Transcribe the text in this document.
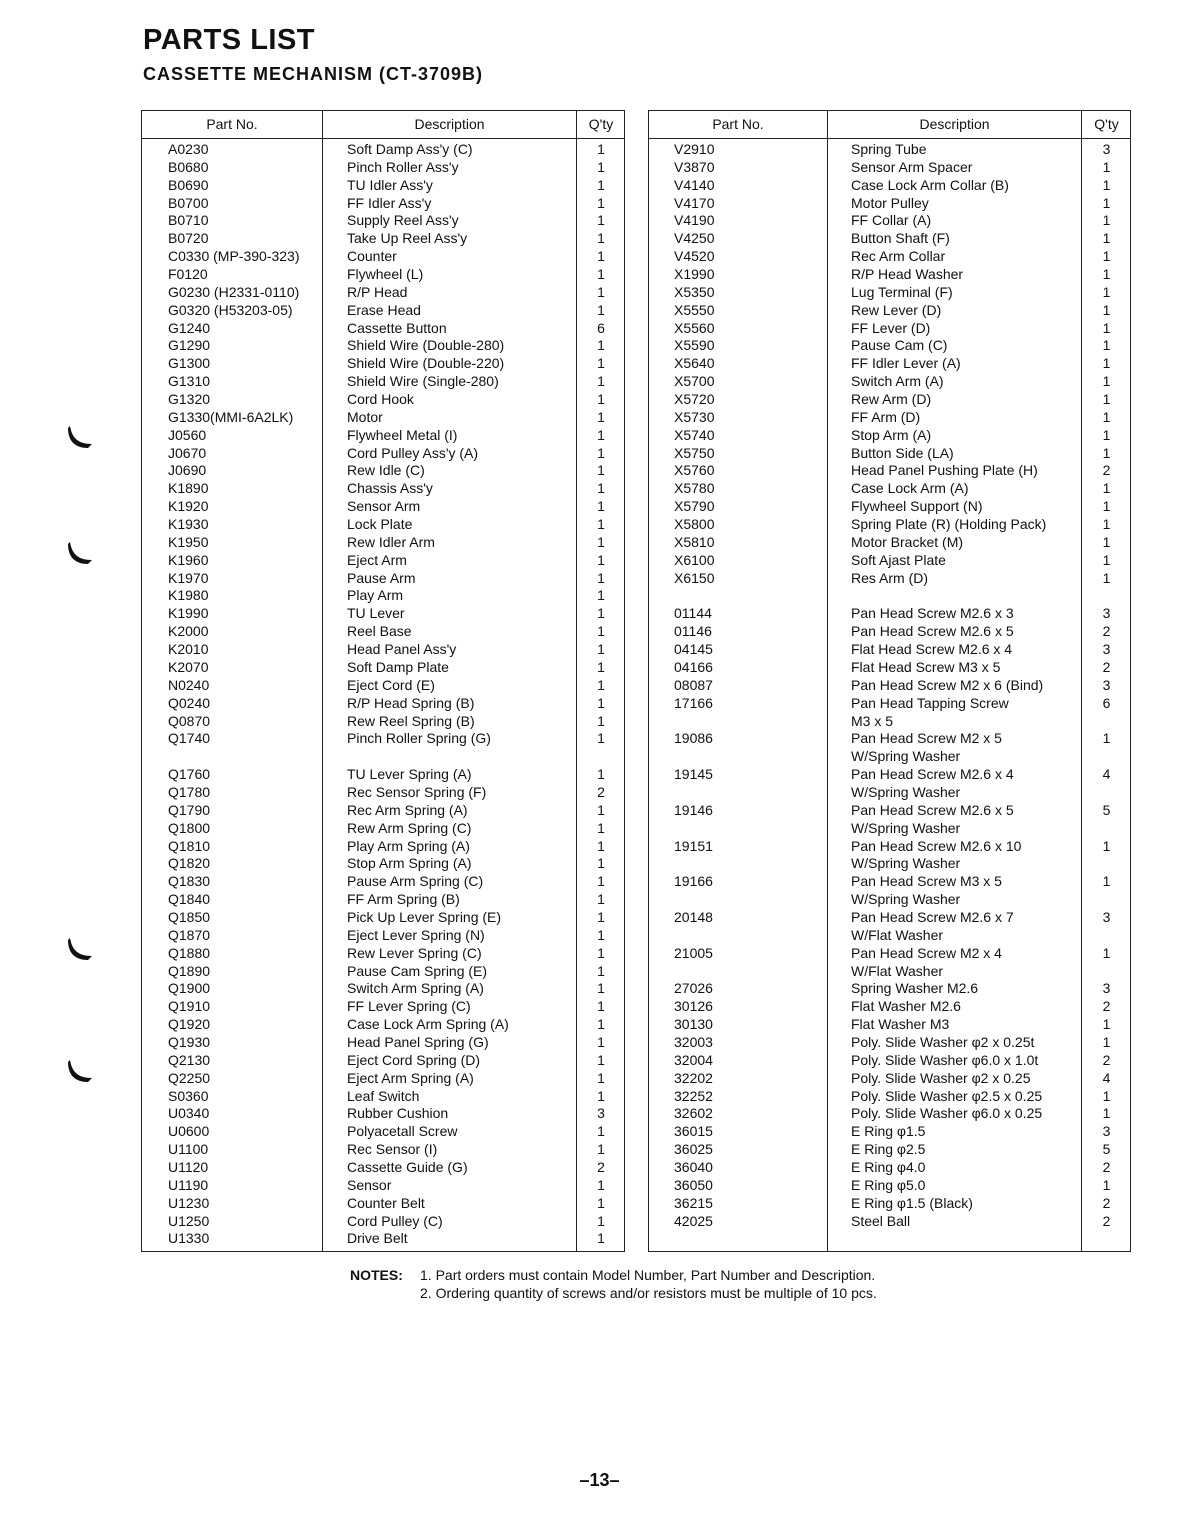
PARTS LIST
CASSETTE MECHANISM (CT-3709B)
Part No.	Description	Q'ty
A0230	Soft Damp Ass'y (C)	1
B0680	Pinch Roller Ass'y	1
B0690	TU Idler Ass'y	1
B0700	FF Idler Ass'y	1
B0710	Supply Reel Ass'y	1
B0720	Take Up Reel Ass'y	1
C0330 (MP-390-323)	Counter	1
F0120	Flywheel (L)	1
G0230 (H2331-0110)	R/P Head	1
G0320 (H53203-05)	Erase Head	1
G1240	Cassette Button	6
G1290	Shield Wire (Double-280)	1
G1300	Shield Wire (Double-220)	1
G1310	Shield Wire (Single-280)	1
G1320	Cord Hook	1
G1330(MMI-6A2LK)	Motor	1
J0560	Flywheel Metal (I)	1
J0670	Cord Pulley Ass'y (A)	1
J0690	Rew Idle (C)	1
K1890	Chassis Ass'y	1
K1920	Sensor Arm	1
K1930	Lock Plate	1
K1950	Rew Idler Arm	1
K1960	Eject Arm	1
K1970	Pause Arm	1
K1980	Play Arm	1
K1990	TU Lever	1
K2000	Reel Base	1
K2010	Head Panel Ass'y	1
K2070	Soft Damp Plate	1
N0240	Eject Cord (E)	1
Q0240	R/P Head Spring (B)	1
Q0870	Rew Reel Spring (B)	1
Q1740	Pinch Roller Spring (G)	1
Q1760	TU Lever Spring (A)	1
Q1780	Rec Sensor Spring (F)	2
Q1790	Rec Arm Spring (A)	1
Q1800	Rew Arm Spring (C)	1
Q1810	Play Arm Spring (A)	1
Q1820	Stop Arm Spring (A)	1
Q1830	Pause Arm Spring (C)	1
Q1840	FF Arm Spring (B)	1
Q1850	Pick Up Lever Spring (E)	1
Q1870	Eject Lever Spring (N)	1
Q1880	Rew Lever Spring (C)	1
Q1890	Pause Cam Spring (E)	1
Q1900	Switch Arm Spring (A)	1
Q1910	FF Lever Spring (C)	1
Q1920	Case Lock Arm Spring (A)	1
Q1930	Head Panel Spring (G)	1
Q2130	Eject Cord Spring (D)	1
Q2250	Eject Arm Spring (A)	1
S0360	Leaf Switch	1
U0340	Rubber Cushion	3
U0600	Polyacetall Screw	1
U1100	Rec Sensor (I)	1
U1120	Cassette Guide (G)	2
U1190	Sensor	1
U1230	Counter Belt	1
U1250	Cord Pulley (C)	1
U1330	Drive Belt	1
Part No.	Description	Q'ty
V2910	Spring Tube	3
V3870	Sensor Arm Spacer	1
V4140	Case Lock Arm Collar (B)	1
V4170	Motor Pulley	1
V4190	FF Collar (A)	1
V4250	Button Shaft (F)	1
V4520	Rec Arm Collar	1
X1990	R/P Head Washer	1
X5350	Lug Terminal (F)	1
X5550	Rew Lever (D)	1
X5560	FF Lever (D)	1
X5590	Pause Cam (C)	1
X5640	FF Idler Lever (A)	1
X5700	Switch Arm (A)	1
X5720	Rew Arm (D)	1
X5730	FF Arm (D)	1
X5740	Stop Arm (A)	1
X5750	Button Side (LA)	1
X5760	Head Panel Pushing Plate (H)	2
X5780	Case Lock Arm (A)	1
X5790	Flywheel Support (N)	1
X5800	Spring Plate (R) (Holding Pack)	1
X5810	Motor Bracket (M)	1
X6100	Soft Ajast Plate	1
X6150	Res Arm (D)	1
01144	Pan Head Screw M2.6 x 3	3
01146	Pan Head Screw M2.6 x 5	2
04145	Flat Head Screw M2.6 x 4	3
04166	Flat Head Screw M3 x 5	2
08087	Pan Head Screw M2 x 6 (Bind)	3
17166	Pan Head Tapping Screw	6
M3 x 5
19086	Pan Head Screw M2 x 5	1
W/Spring Washer
19145	Pan Head Screw M2.6 x 4	4
W/Spring Washer
19146	Pan Head Screw M2.6 x 5	5
W/Spring Washer
19151	Pan Head Screw M2.6 x 10	1
W/Spring Washer
19166	Pan Head Screw M3 x 5	1
W/Spring Washer
20148	Pan Head Screw M2.6 x 7	3
W/Flat Washer
21005	Pan Head Screw M2 x 4	1
W/Flat Washer
27026	Spring Washer M2.6	3
30126	Flat Washer M2.6	2
30130	Flat Washer M3	1
32003	Poly. Slide Washer φ2 x 0.25t	1
32004	Poly. Slide Washer φ6.0 x 1.0t	2
32202	Poly. Slide Washer φ2 x 0.25	4
32252	Poly. Slide Washer φ2.5 x 0.25	1
32602	Poly. Slide Washer φ6.0 x 0.25	1
36015	E Ring φ1.5	3
36025	E Ring φ2.5	5
36040	E Ring φ4.0	2
36050	E Ring φ5.0	1
36215	E Ring φ1.5 (Black)	2
42025	Steel Ball	2
NOTES: 1. Part orders must contain Model Number, Part Number and Description.
2. Ordering quantity of screws and/or resistors must be multiple of 10 pcs.
–13–
